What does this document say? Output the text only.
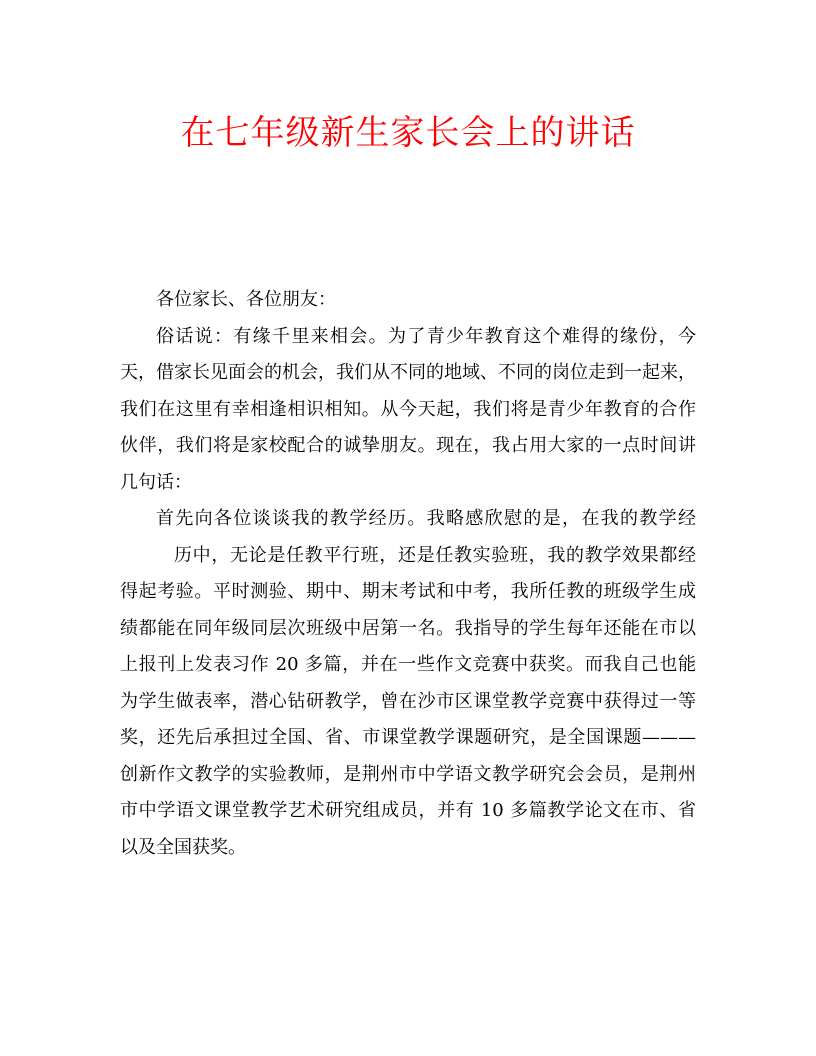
在七年级新生家长会上的讲话

各位家长、各位朋友：

俗话说：有缘千里来相会。为了青少年教育这个难得的缘份，今
天，借家长见面会的机会，我们从不同的地域、不同的岗位走到一起来，
我们在这里有幸相逢相识相知。从今天起，我们将是青少年教育的合作
伙伴，我们将是家校配合的诚挚朋友。现在，我占用大家的一点时间讲
几句话：
首先向各位谈谈我的教学经历。我略感欣慰的是，在我的教学经
历中，无论是任教平行班，还是任教实验班，我的教学效果都经
得起考验。平时测验、期中、期末考试和中考，我所任教的班级学生成
绩都能在同年级同层次班级中居第一名。我指导的学生每年还能在市以
上报刊上发表习作 20 多篇，并在一些作文竞赛中获奖。而我自己也能
为学生做表率，潜心钻研教学，曾在沙市区课堂教学竞赛中获得过一等
奖，还先后承担过全国、省、市课堂教学课题研究，是全国课题———
创新作文教学的实验教师，是荆州市中学语文教学研究会会员，是荆州
市中学语文课堂教学艺术研究组成员，并有 10 多篇教学论文在市、省
以及全国获奖。
